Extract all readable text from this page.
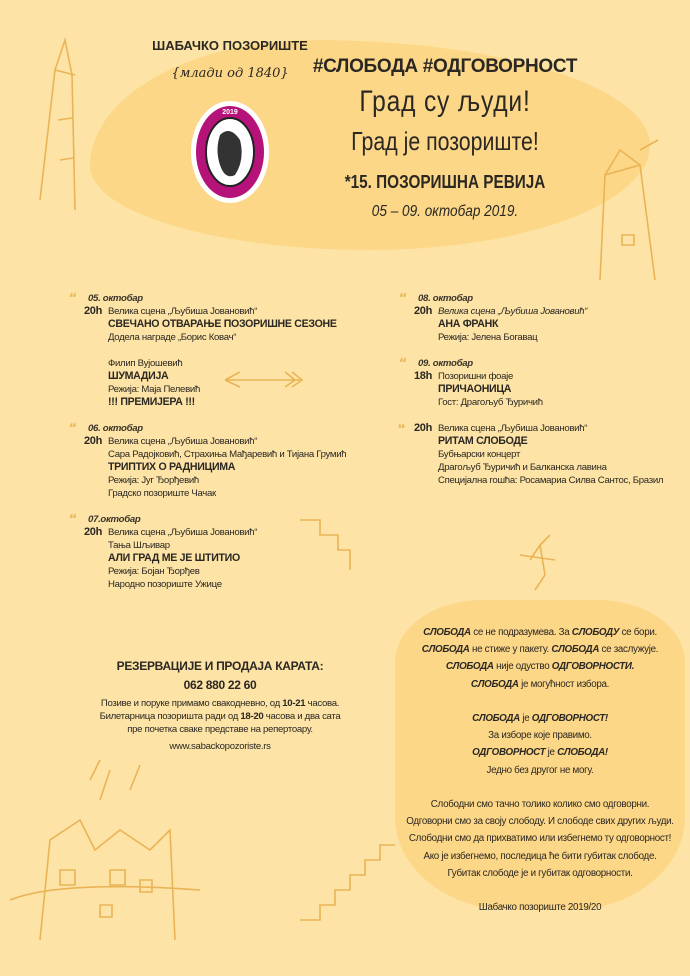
ШАБАЧКО ПОЗОРИШТЕ
{млади од 1840}
2019
#СЛОБОДА #ОДГОВОРНОСТ
Град су људи!
Град је позориште!
*15. ПОЗОРИШНА РЕВИЈА
05 – 09. октобар 2019.
❛❛ 05. октобар
20h Велика сцена „Љубиша Јовановић“
СВЕЧАНО ОТВАРАЊЕ ПОЗОРИШНЕ СЕЗОНЕ
Додела награде „Борис Ковач“
Филип Вујошевић
ШУМАДИЈА
Режија: Маја Пелевић
!!! ПРЕМИЈЕРА !!!
❛❛ 06. октобар
20h Велика сцена „Љубиша Јовановић“
Сара Радојковић, Страхиња Мађаревић и Тијана Грумић
ТРИПТИХ О РАДНИЦИМА
Режија: Југ Ђорђевић
Градско позориште Чачак
❛❛ 07.октобар
20h Велика сцена „Љубиша Јовановић“
Тања Шљивар
АЛИ ГРАД МЕ ЈЕ ШТИТИО
Режија: Бојан Ђорђев
Народно позориште Ужице
❛❛ 08. октобар
20h Велика сцена „Љубиша Јовановић“
АНА ФРАНК
Режија: Јелена Богавац
❛❛ 09. октобар
18h Позоришни фоаје
ПРИЧАОНИЦА
Гост: Драгољуб Ђуричић
❛❛ 20h Велика сцена „Љубиша Јовановић“
РИТАМ СЛОБОДЕ
Бубњарски концерт
Драгољуб Ђуричић и Балканска лавина
Специјална гошћа: Росамариа Силва Сантос, Бразил
РЕЗЕРВАЦИЈЕ И ПРОДАЈА КАРАТА:
062 880 22 60
Позиве и поруке примамо свакодневно, од 10-21 часова.
Билетарница позоришта ради од 18-20 часова и два сата
пре почетка сваке представе на репертоару.
www.sabackopozoriste.rs
СЛОБОДА се не подразумева. За СЛОБОДУ се бори.
СЛОБОДА не стиже у пакету. СЛОБОДА се заслужује.
СЛОБОДА није одуство ОДГОВОРНОСТИ.
СЛОБОДА је могућност избора.

СЛОБОДА је ОДГОВОРНОСТ!
За изборе које правимо.
ОДГОВОРНОСТ је СЛОБОДА!
Једно без другог не могу.

Слободни смо тачно толико колико смо одговорни.
Одговорни смо за своју слободу. И слободе свих других људи.
Слободни смо да прихватимо или избегнемо ту одговорност!
Ако је избегнемо, последица ће бити губитак слободе.
Губитак слободе је и губитак одговорности.

Шабачко позориште 2019/20
